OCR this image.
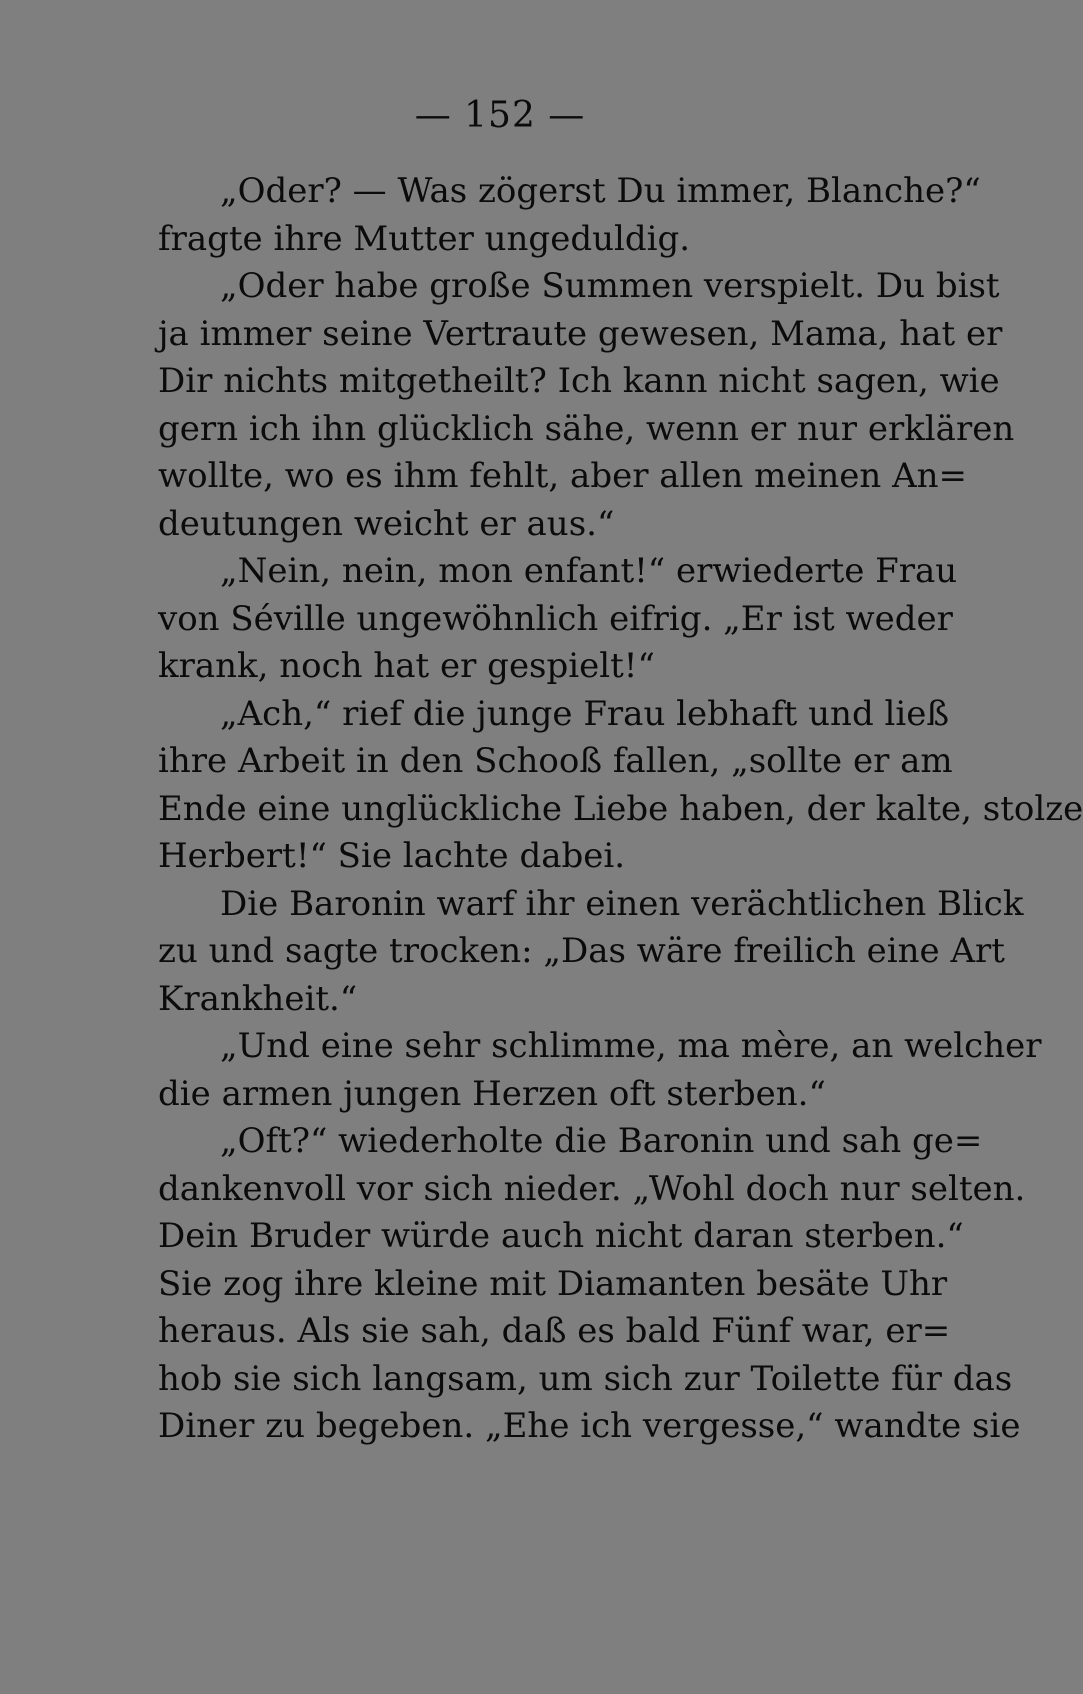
— 152 —
„Oder? — Was zögerst Du immer, Blanche?“
fragte ihre Mutter ungeduldig.
„Oder habe große Summen verspielt. Du bist
ja immer seine Vertraute gewesen, Mama, hat er
Dir nichts mitgetheilt? Ich kann nicht sagen, wie
gern ich ihn glücklich sähe, wenn er nur erklären
wollte, wo es ihm fehlt, aber allen meinen An=
deutungen weicht er aus.“
„Nein, nein, mon enfant!“ erwiederte Frau
von Séville ungewöhnlich eifrig. „Er ist weder
krank, noch hat er gespielt!“
„Ach,“ rief die junge Frau lebhaft und ließ
ihre Arbeit in den Schooß fallen, „sollte er am
Ende eine unglückliche Liebe haben, der kalte, stolze
Herbert!“ Sie lachte dabei.
Die Baronin warf ihr einen verächtlichen Blick
zu und sagte trocken: „Das wäre freilich eine Art
Krankheit.“
„Und eine sehr schlimme, ma mère, an welcher
die armen jungen Herzen oft sterben.“
„Oft?“ wiederholte die Baronin und sah ge=
dankenvoll vor sich nieder. „Wohl doch nur selten.
Dein Bruder würde auch nicht daran sterben.“
Sie zog ihre kleine mit Diamanten besäte Uhr
heraus. Als sie sah, daß es bald Fünf war, er=
hob sie sich langsam, um sich zur Toilette für das
Diner zu begeben. „Ehe ich vergesse,“ wandte sie
